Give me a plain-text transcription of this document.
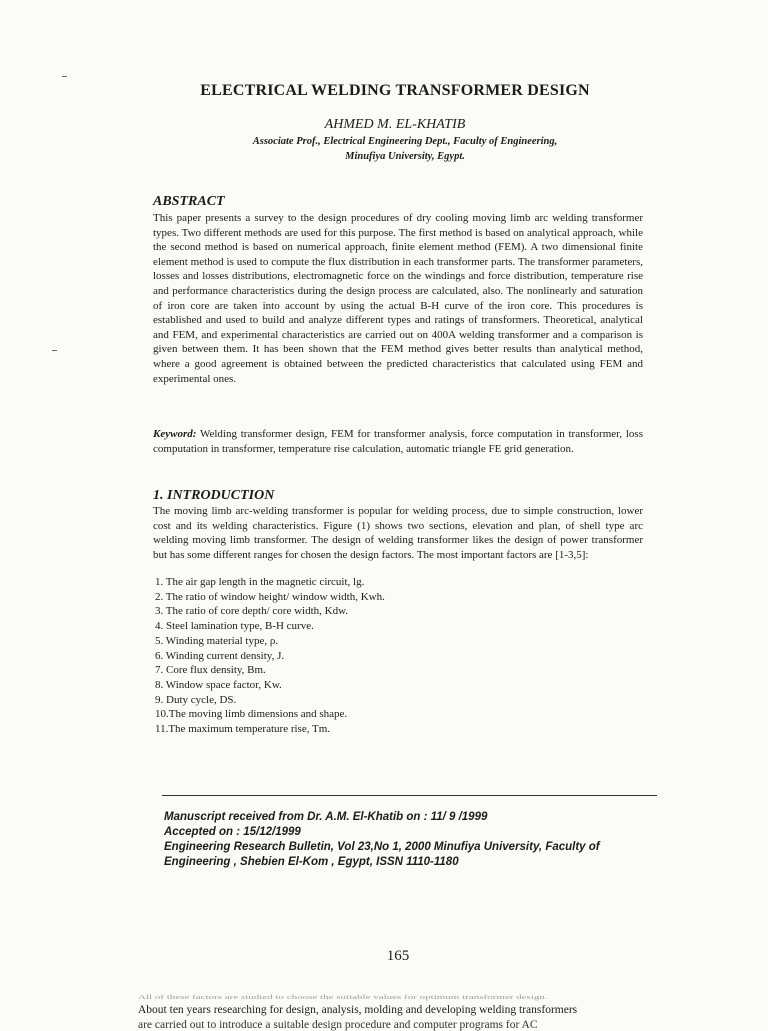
ELECTRICAL WELDING TRANSFORMER DESIGN
AHMED M. EL-KHATIB
Associate Prof., Electrical Engineering Dept., Faculty of Engineering,
Minufiya University, Egypt.
ABSTRACT
This paper presents a survey to the design procedures of dry cooling moving limb arc welding transformer types. Two different methods are used for this purpose. The first method is based on analytical approach, while the second method is based on numerical approach, finite element method (FEM). A two dimensional finite element method is used to compute the flux distribution in each transformer parts. The transformer parameters, losses and losses distributions, electromagnetic force on the windings and force distribution, temperature rise and performance characteristics during the design process are calculated, also. The nonlinearly and saturation of iron core are taken into account by using the actual B-H curve of the iron core. This procedures is established and used to build and analyze different types and ratings of transformers. Theoretical, analytical and FEM, and experimental characteristics are carried out on 400A welding transformer and a comparison is given between them. It has been shown that the FEM method gives better results than analytical method, where a good agreement is obtained between the predicted characteristics that calculated using FEM and experimental ones.
Keyword: Welding transformer design, FEM for transformer analysis, force computation in transformer, loss computation in transformer, temperature rise calculation, automatic triangle FE grid generation.
1. INTRODUCTION
The moving limb arc-welding transformer is popular for welding process, due to simple construction, lower cost and its welding characteristics. Figure (1) shows two sections, elevation and plan, of shell type arc welding moving limb transformer. The design of welding transformer likes the design of power transformer but has some different ranges for chosen the design factors. The most important factors are [1-3,5]:
1. The air gap length in the magnetic circuit, lg.
2. The ratio of window height/ window width, Kwh.
3. The ratio of core depth/ core width, Kdw.
4. Steel lamination type, B-H curve.
5. Winding material type, ρ.
6. Winding current density, J.
7. Core flux density, Bm.
8. Window space factor, Kw.
9. Duty cycle, DS.
10.The moving limb dimensions and shape.
11.The maximum temperature rise, Tm.
Manuscript received from Dr. A.M. El-Khatib on : 11/ 9 /1999
Accepted on : 15/12/1999
Engineering Research Bulletin, Vol 23,No 1, 2000 Minufiya University, Faculty of
Engineering , Shebien El-Kom , Egypt, ISSN 1110-1180
165
All of these factors are studied to choose the suitable values for optimum transformer design.
About ten years researching for design, analysis, molding and developing welding transformers
are carried out to introduce a suitable design procedure and computer programs for AC
